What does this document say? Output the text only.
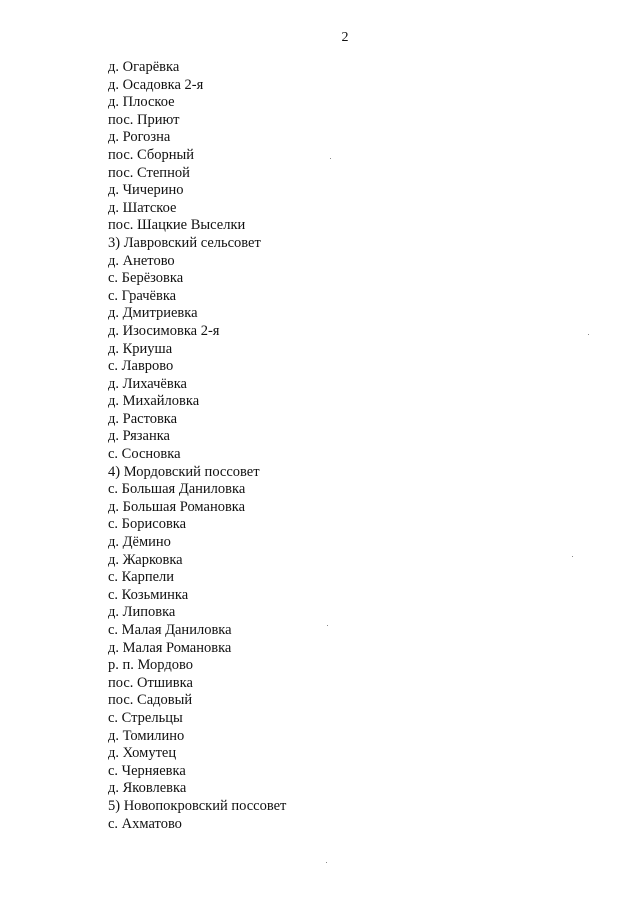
2
д. Огарёвка
д. Осадовка 2-я
д. Плоское
пос. Приют
д. Рогозна
пос. Сборный
пос. Степной
д. Чичерино
д. Шатское
пос. Шацкие Выселки
3) Лавровский сельсовет
д. Анетово
с. Берёзовка
с. Грачёвка
д. Дмитриевка
д. Изосимовка 2-я
д. Криуша
с. Лаврово
д. Лихачёвка
д. Михайловка
д. Растовка
д. Рязанка
с. Сосновка
4) Мордовский поссовет
с. Большая Даниловка
д. Большая Романовка
с. Борисовка
д. Дёмино
д. Жарковка
с. Карпели
с. Козьминка
д. Липовка
с. Малая Даниловка
д. Малая Романовка
р. п. Мордово
пос. Отшивка
пос. Садовый
с. Стрельцы
д. Томилино
д. Хомутец
с. Черняевка
д. Яковлевка
5) Новопокровский поссовет
с. Ахматово
